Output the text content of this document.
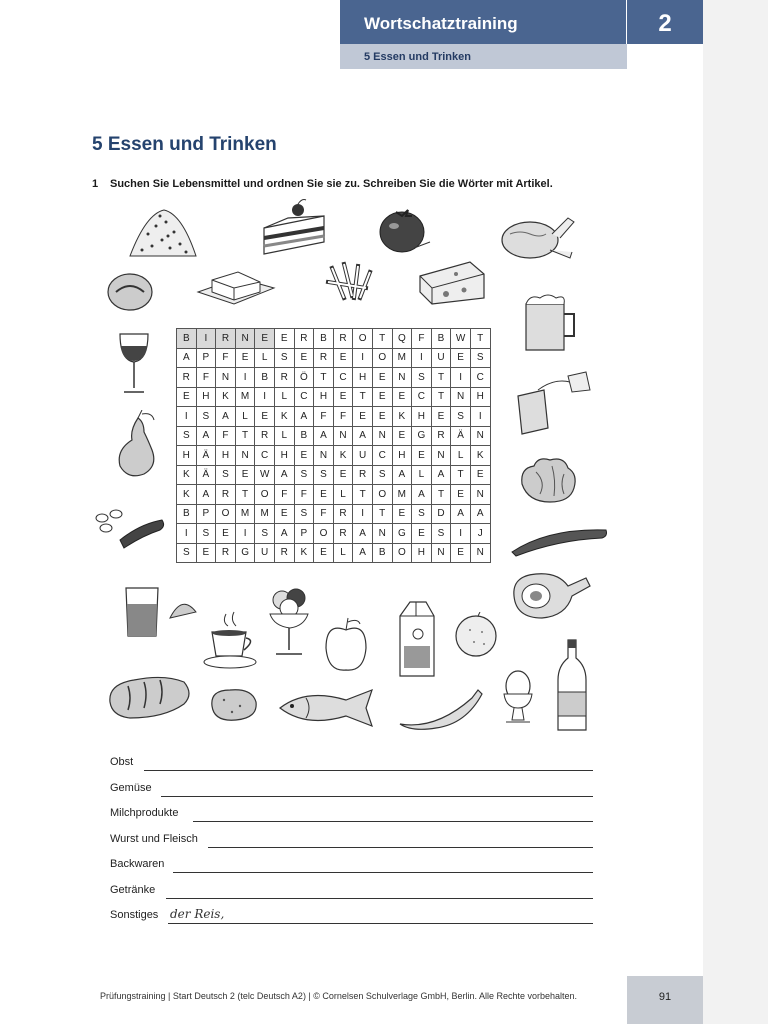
Wortschatztraining	2
5 Essen und Trinken
5 Essen und Trinken
1 Suchen Sie Lebensmittel und ordnen Sie sie zu. Schreiben Sie die Wörter mit Artikel.
B	I	R	N	E	E	R	B	R	O	T	Q	F	B	W	T
A	P	F	E	L	S	E	R	E	I	O	M	I	U	E	S
R	F	N	I	B	R	Ö	T	C	H	E	N	S	T	I	C
E	H	K	M	I	L	C	H	E	T	E	E	C	T	N	H
I	S	A	L	E	K	A	F	F	E	E	K	H	E	S	I
S	A	F	T	R	L	B	A	N	A	N	E	G	R	Ä	N
H	Ä	H	N	C	H	E	N	K	U	C	H	E	N	L	K
K	Ä	S	E	W	A	S	S	E	R	S	A	L	A	T	E
K	A	R	T	O	F	F	E	L	T	O	M	A	T	E	N
B	P	O	M	M	E	S	F	R	I	T	E	S	D	A	A
I	S	E	I	S	A	P	O	R	A	N	G	E	S	I	J
S	E	R	G	U	R	K	E	L	A	B	O	H	N	E	N
Obst
Gemüse
Milchprodukte
Wurst und Fleisch
Backwaren
Getränke
Sonstiges der Reis,
Prüfungstraining | Start Deutsch 2 (telc Deutsch A2) | © Cornelsen Schulverlage GmbH, Berlin. Alle Rechte vorbehalten.	91
